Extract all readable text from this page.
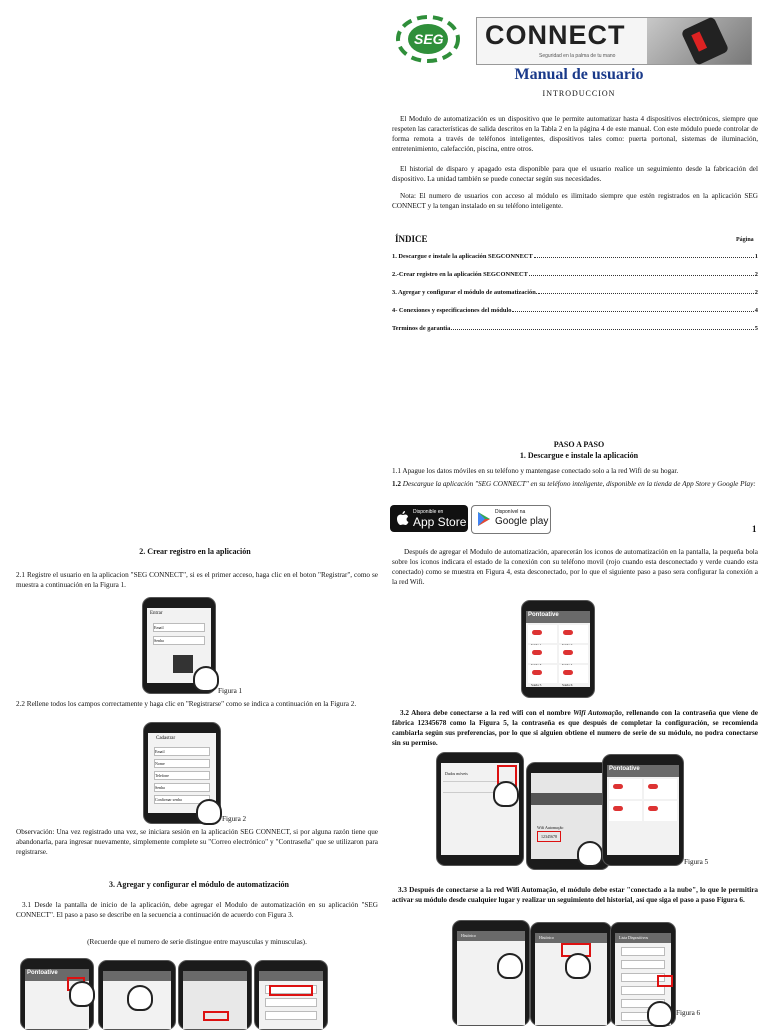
SEG CONNECT
Seguridad en la palma de tu mano
Manual de usuario
INTRODUCCION
El Modulo de automatización es un dispositivo que le permite automatizar hasta 4 dispositivos electrónicos, siempre que respeten las características de salida descritos en la Tabla 2 en la página 4 de este manual. Con este módulo puede controlar de forma remota a través de teléfonos inteligentes, dispositivos tales como: puerta portonal, sistemas de iluminación, entretenimiento, calefacción, piscina, entre otros.
El historial de disparo y apagado esta disponible para que el usuario realice un seguimiento desde la fabricación del dispositivo. La unidad también se puede conectar según sus necesidades.
Nota: El numero de usuarios con acceso al módulo es ilimitado siempre que estén registrados en la aplicación SEG CONNECT y la tengan instalado en su teléfono inteligente.
ÍNDICE	Página
1. Descargue e instale la aplicación SEGCONNECT	1
2.-Crear registro en la aplicación SEGCONNECT	2
3. Agregar y configurar el módulo de automatización.	2
4- Conexiones y especificaciones del módulo	4
Terminos de garantia	5
PASO A PASO
1. Descargue e instale la aplicación
1.1 Apague los datos móviles en su teléfono y mantengase conectado solo a la red Wifi de su hogar.
1.2 Descargue la aplicación "SEG CONNECT" en su teléfono inteligente, disponible en la tienda de App Store y Google Play:
Disponible en
App Store
Disponível na
Google play
1
2. Crear registro en la aplicación
2.1 Registre el usuario en la aplicacion "SEG CONNECT", si es el primer acceso, haga clic en el boton "Registrar", como se muestra a continuación en la Figura 1.
Entrar
Email
Senha
Figura 1
2.2 Rellene todos los campos correctamente y haga clic en "Registrarse" como se indica a continuación en la Figura 2.
Cadastrar
Email
Nome
Telefone
Senha
Confirmar senha
Figura 2
Observación: Una vez registrado una vez, se iniciara sesión en la aplicación SEG CONNECT, si por alguna razón tiene que abandonarla, para ingresar nuevamente, simplemente complete su "Correo electrónico" y "Contraseña" que se utilizaron para registrarse.
3. Agregar y configurar el módulo de automatización
3.1 Desde la pantalla de inicio de la aplicación, debe agregar el Modulo de automatización en su aplicación "SEG CONNECT". El paso a paso se describe en la secuencia a continuación de acuerdo con Figura 3.
(Recuerde que el numero de serie distingue entre mayusculas y minusculas).
Pontoative
Después de agregar el Modulo de automatización, aparecerán los iconos de automatización en la pantalla, la pequeña bola sobre los iconos indicara el estado de la conexión con su teléfono movil (rojo cuando esta desconectado y verde cuando esta conectado) como se muestra en Figura 4, esta desconectado, por lo que el siguiente paso a paso sera configurar la conexión a la red Wifi.
Pontoative
Saida 5	Saida 6
3.2 Ahora debe conectarse a la red wifi con el nombre Wifi Automação, rellenando con la contraseña que viene de fábrica 12345678 como la Figura 5, la contraseña es que después de completar la configuración, se recomienda cambiarla según sus preferencias, por lo que si alguien obtiene el numero de serie de su módulo, no podra conectarse sin su permiso.
Dados móveis
Wifi Automação
12345678
Pontoative
Figura 5
3.3 Después de conectarse a la red Wifi Automação, el módulo debe estar "conectado a la nube", lo que le permitira activar su módulo desde cualquier lugar y realizar un seguimiento del historial, así que siga el paso a paso Figura 6.
Histórico	Histórico	Lista Dispositivos
Figura 6
